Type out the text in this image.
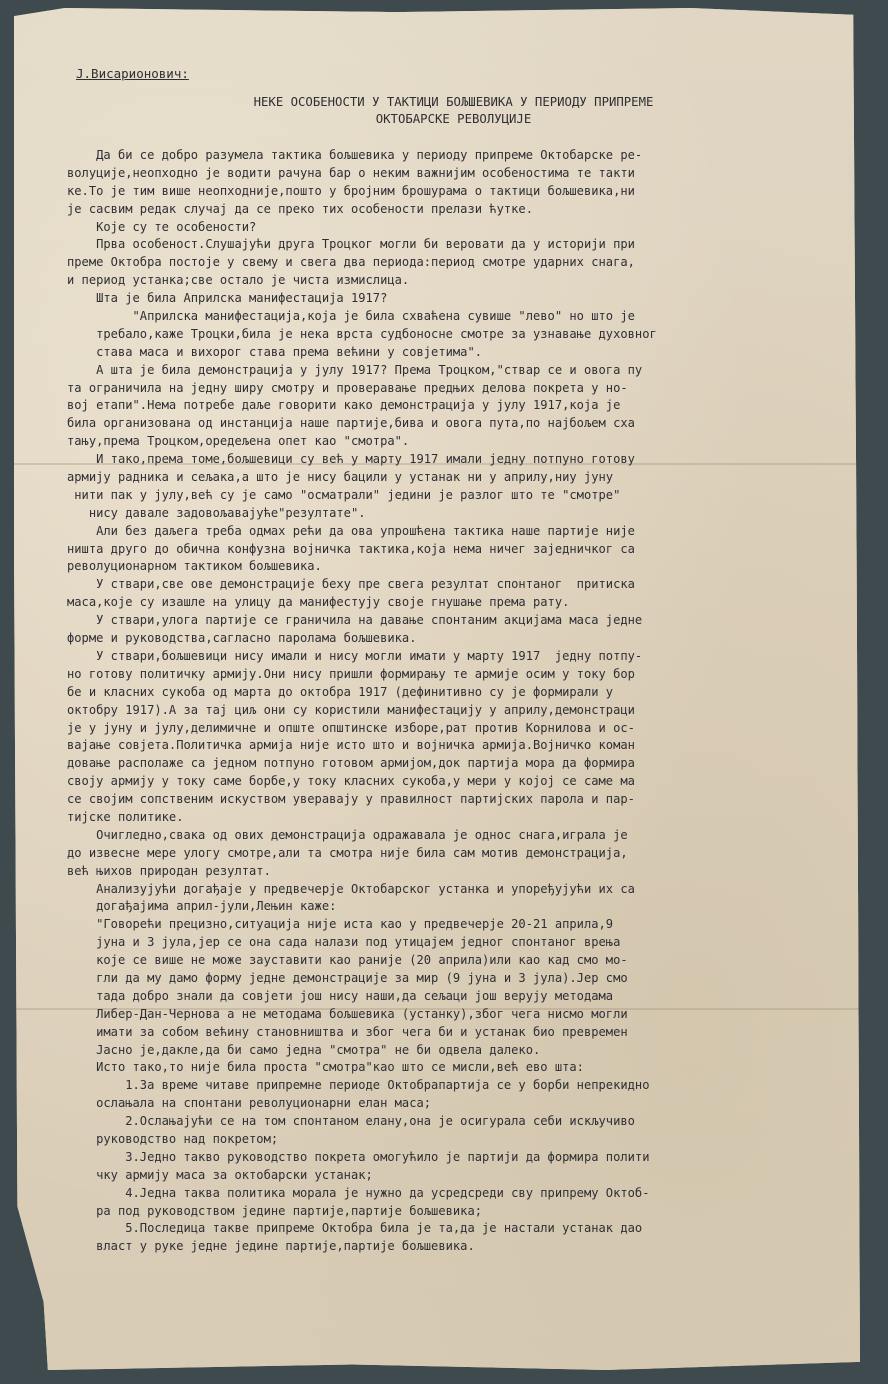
Ј.Висарионович:
НЕКЕ ОСОБЕНОСТИ У ТАКТИЦИ БОЉШЕВИКА У ПЕРИОДУ ПРИПРЕМЕ
ОКТОБАРСКЕ РЕВОЛУЦИЈЕ
Да би се добро разумела тактика бољшевика у периоду припреме Октобарске ре-
волуције,неопходно је водити рачуна бар о неким важнијим особеностима те такти
ке.То је тим више неопходније,пошто у бројним брошурама о тактици бољшевика,ни
је сасвим редак случај да се преко тих особености прелази ћутке.
Које су те особености?
Прва особеност.Слушајући друга Троцког могли би веровати да у историји при
преме Октобра постоје у свему и свега два периода:период смотре ударних снага,
и период устанка;све остало је чиста измислица.
Шта је била Априлска манифестација 1917?
"Априлска манифестација,која је била схваћена сувише "лево" но што је
требало,каже Троцки,била је нека врста судбоносне смотре за узнавање духовног
става маса и вихорог става према већини у совјетима".
А шта је била демонстрација у јулу 1917? Према Троцком,"ствар се и овога пу
та ограничила на једну ширу смотру и проверавање предњих делова покрета у но-
вој етапи".Нема потребе даље говорити како демонстрација у јулу 1917,која је
била организована од инстанција наше партије,бива и овога пута,по најбољем сха
тању,према Троцком,оредељена опет као "смотра".
И тако,према томе,бољшевици су већ у марту 1917 имали једну потпуно готову
армију радника и сељака,а што је нису бацили у устанак ни у априлу,ниу јуну
нити пак у јулу,већ су је само "осматрали" једини је разлог што те "смотре"
нису давале задовољавајуће"резултате".
Али без даљега треба одмах рећи да ова упрошћена тактика наше партије није
ништа друго до обична конфузна војничка тактика,која нема ничег заједничког са
револуционарном тактиком бољшевика.
У ствари,све ове демонстрације беху пре свега резултат спонтаног  притиска
маса,које су изашле на улицу да манифестују своје гнушање према рату.
У ствари,улога партије се граничила на давање спонтаним акцијама маса једне
форме и руководства,сагласно паролама бољшевика.
У ствари,бољшевици нису имали и нису могли имати у марту 1917  једну потпу-
но готову политичку армију.Они нису пришли формирању те армије осим у току бор
бе и класних сукоба од марта до октобра 1917 (дефинитивно су је формирали у
октобру 1917).А за тај циљ они су користили манифестацију у априлу,демонстраци
је у јуну и јулу,делимичне и опште општинске изборе,рат против Корнилова и ос-
вајање совјета.Политичка армија није исто што и војничка армија.Војничко коман
довање располаже са једном потпуно готовом армијом,док партија мора да формира
своју армију у току саме борбе,у току класних сукоба,у мери у којој се саме ма
се својим сопственим искуством уверавају у правилност партијских парола и пар-
тијске политике.
Очигледно,свака од ових демонстрација одражавала је однос снага,играла је
до извесне мере улогу смотре,али та смотра није била сам мотив демонстрација,
већ њихов природан резултат.
Анализујући догађаје у предвечерје Октобарског устанка и упоређујући их са
догађајима април-јули,Лењин каже:
"Говорећи прецизно,ситуација није иста као у предвечерје 20-21 априла,9
јуна и 3 јула,јер се она сада налази под утицајем једног спонтаног врења
које се више не може зауставити као раније (20 априла)или као кад смо мо-
гли да му дамо форму једне демонстрације за мир (9 јуна и 3 јула).Јер смо
тада добро знали да совјети још нису наши,да сељаци још верују методама
Либер-Дан-Чернова а не методама бољшевика (устанку),због чега нисмо могли
имати за собом већину становништва и због чега би и устанак био превремен
Јасно је,дакле,да би само једна "смотра" не би одвела далеко.
Исто тако,то није била проста "смотра"као што се мисли,већ ево шта:
1.За време читаве припремне периоде Октобрапартија се у борби непрекидно
ослањала на спонтани револуционарни елан маса;
2.Ослањајући се на том спонтаном елану,она је осигурала себи искључиво
руководство над покретом;
3.Једно такво руководство покрета омогућило је партији да формира полити
чку армију маса за октобарски устанак;
4.Једна таква политика морала је нужно да усредсреди сву припрему Октоб-
ра под руководством једине партије,партије бољшевика;
5.Последица такве припреме Октобра била је та,да је настали устанак дао
власт у руке једне једине партије,партије бољшевика.
